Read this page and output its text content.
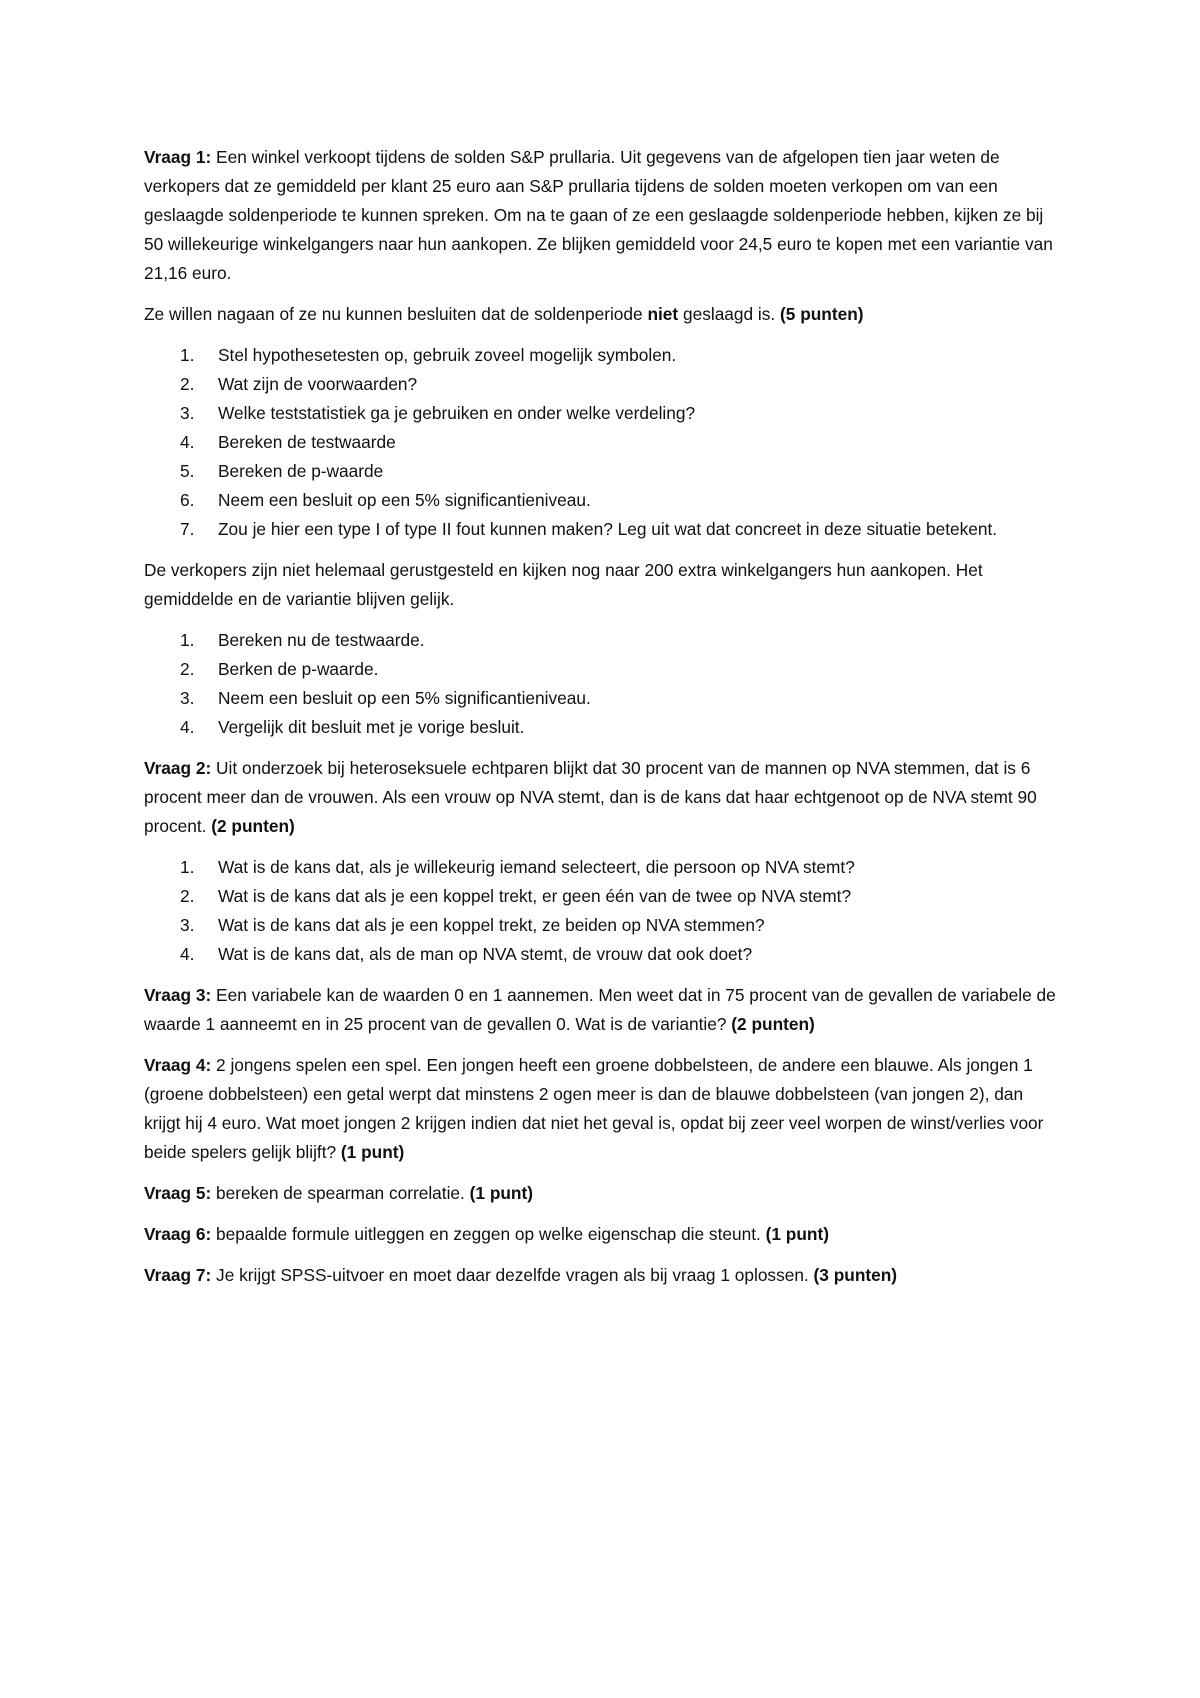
Vraag 1: Een winkel verkoopt tijdens de solden S&P prullaria. Uit gegevens van de afgelopen tien jaar weten de verkopers dat ze gemiddeld per klant 25 euro aan S&P prullaria tijdens de solden moeten verkopen om van een geslaagde soldenperiode te kunnen spreken. Om na te gaan of ze een geslaagde soldenperiode hebben, kijken ze bij 50 willekeurige winkelgangers naar hun aankopen. Ze blijken gemiddeld voor 24,5 euro te kopen met een variantie van 21,16 euro.

Ze willen nagaan of ze nu kunnen besluiten dat de soldenperiode niet geslaagd is. (5 punten)

1. Stel hypothesetesten op, gebruik zoveel mogelijk symbolen.
2. Wat zijn de voorwaarden?
3. Welke teststatistiek ga je gebruiken en onder welke verdeling?
4. Bereken de testwaarde
5. Bereken de p-waarde
6. Neem een besluit op een 5% significantieniveau.
7. Zou je hier een type I of type II fout kunnen maken? Leg uit wat dat concreet in deze situatie betekent.

De verkopers zijn niet helemaal gerustgesteld en kijken nog naar 200 extra winkelgangers hun aankopen. Het gemiddelde en de variantie blijven gelijk.

1. Bereken nu de testwaarde.
2. Berken de p-waarde.
3. Neem een besluit op een 5% significantieniveau.
4. Vergelijk dit besluit met je vorige besluit.

Vraag 2: Uit onderzoek bij heteroseksuele echtparen blijkt dat 30 procent van de mannen op NVA stemmen, dat is 6 procent meer dan de vrouwen. Als een vrouw op NVA stemt, dan is de kans dat haar echtgenoot op de NVA stemt 90 procent. (2 punten)

1. Wat is de kans dat, als je willekeurig iemand selecteert, die persoon op NVA stemt?
2. Wat is de kans dat als je een koppel trekt, er geen één van de twee op NVA stemt?
3. Wat is de kans dat als je een koppel trekt, ze beiden op NVA stemmen?
4. Wat is de kans dat, als de man op NVA stemt, de vrouw dat ook doet?

Vraag 3: Een variabele kan de waarden 0 en 1 aannemen. Men weet dat in 75 procent van de gevallen de variabele de waarde 1 aanneemt en in 25 procent van de gevallen 0. Wat is de variantie? (2 punten)

Vraag 4: 2 jongens spelen een spel. Een jongen heeft een groene dobbelsteen, de andere een blauwe. Als jongen 1 (groene dobbelsteen) een getal werpt dat minstens 2 ogen meer is dan de blauwe dobbelsteen (van jongen 2), dan krijgt hij 4 euro. Wat moet jongen 2 krijgen indien dat niet het geval is, opdat bij zeer veel worpen de winst/verlies voor beide spelers gelijk blijft? (1 punt)

Vraag 5: bereken de spearman correlatie. (1 punt)

Vraag 6: bepaalde formule uitleggen en zeggen op welke eigenschap die steunt. (1 punt)

Vraag 7: Je krijgt SPSS-uitvoer en moet daar dezelfde vragen als bij vraag 1 oplossen. (3 punten)
